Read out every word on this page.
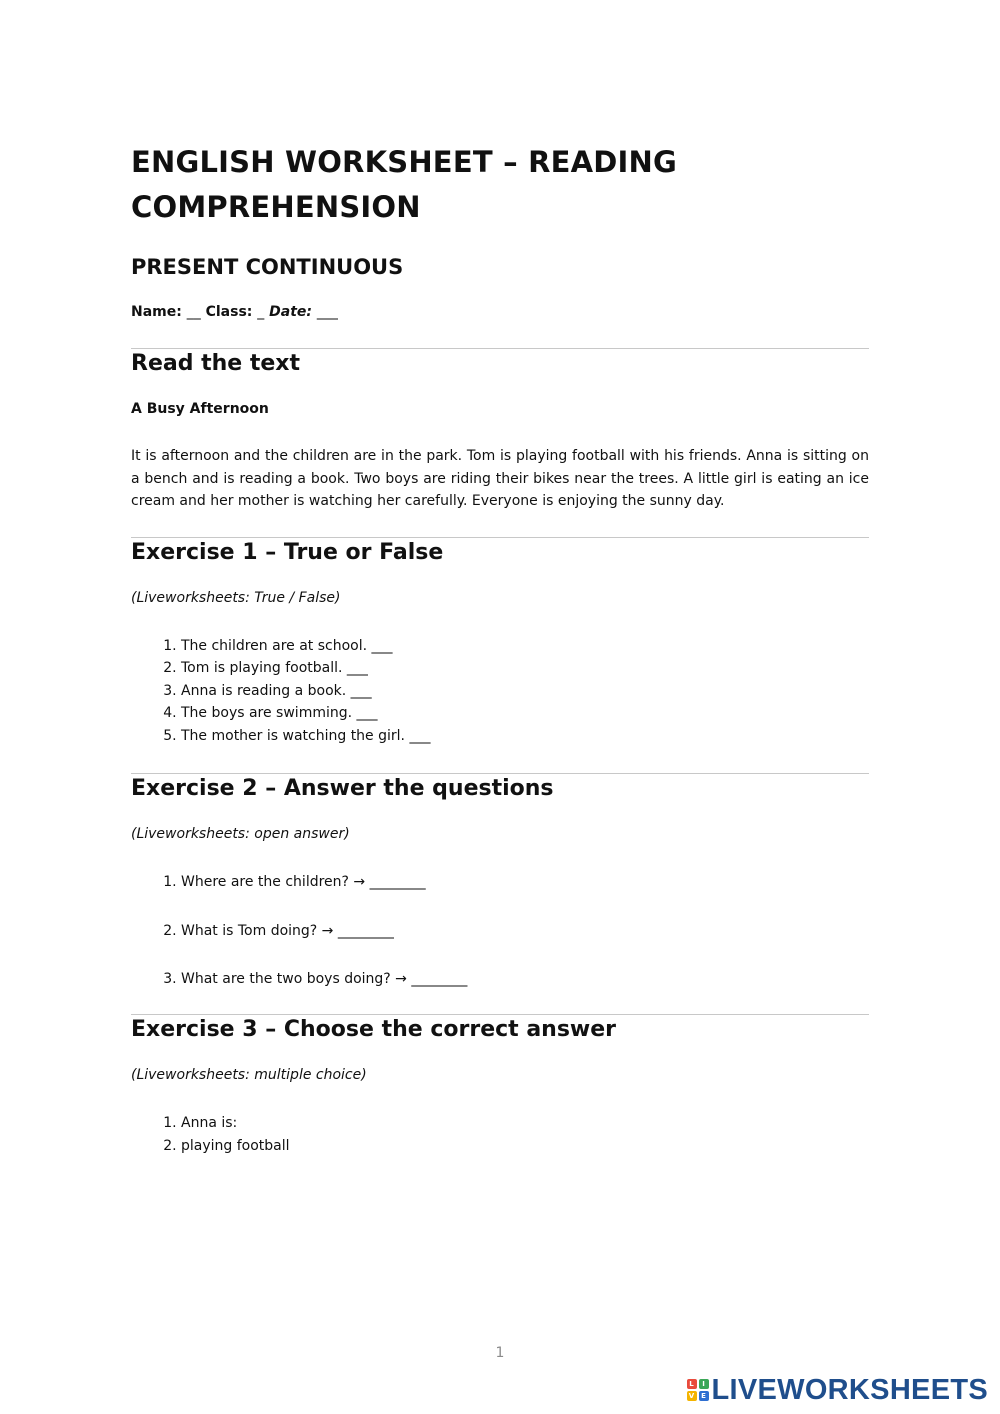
ENGLISH WORKSHEET – READING COMPREHENSION
PRESENT CONTINUOUS
Name: __ Class: _ Date: ___
Read the text
A Busy Afternoon

It is afternoon and the children are in the park. Tom is playing football with his friends. Anna is sitting on a bench and is reading a book. Two boys are riding their bikes near the trees. A little girl is eating an ice cream and her mother is watching her carefully. Everyone is enjoying the sunny day.

Exercise 1 – True or False
(Liveworksheets: True / False)
1. The children are at school. ___
2. Tom is playing football. ___
3. Anna is reading a book. ___
4. The boys are swimming. ___
5. The mother is watching the girl. ___
Exercise 2 – Answer the questions
(Liveworksheets: open answer)
1. Where are the children? → ________
2. What is Tom doing? → ________
3. What are the two boys doing? → ________
Exercise 3 – Choose the correct answer
(Liveworksheets: multiple choice)
1. Anna is:
2. playing football
1
L	I
V E LIVEWORKSHEETS
